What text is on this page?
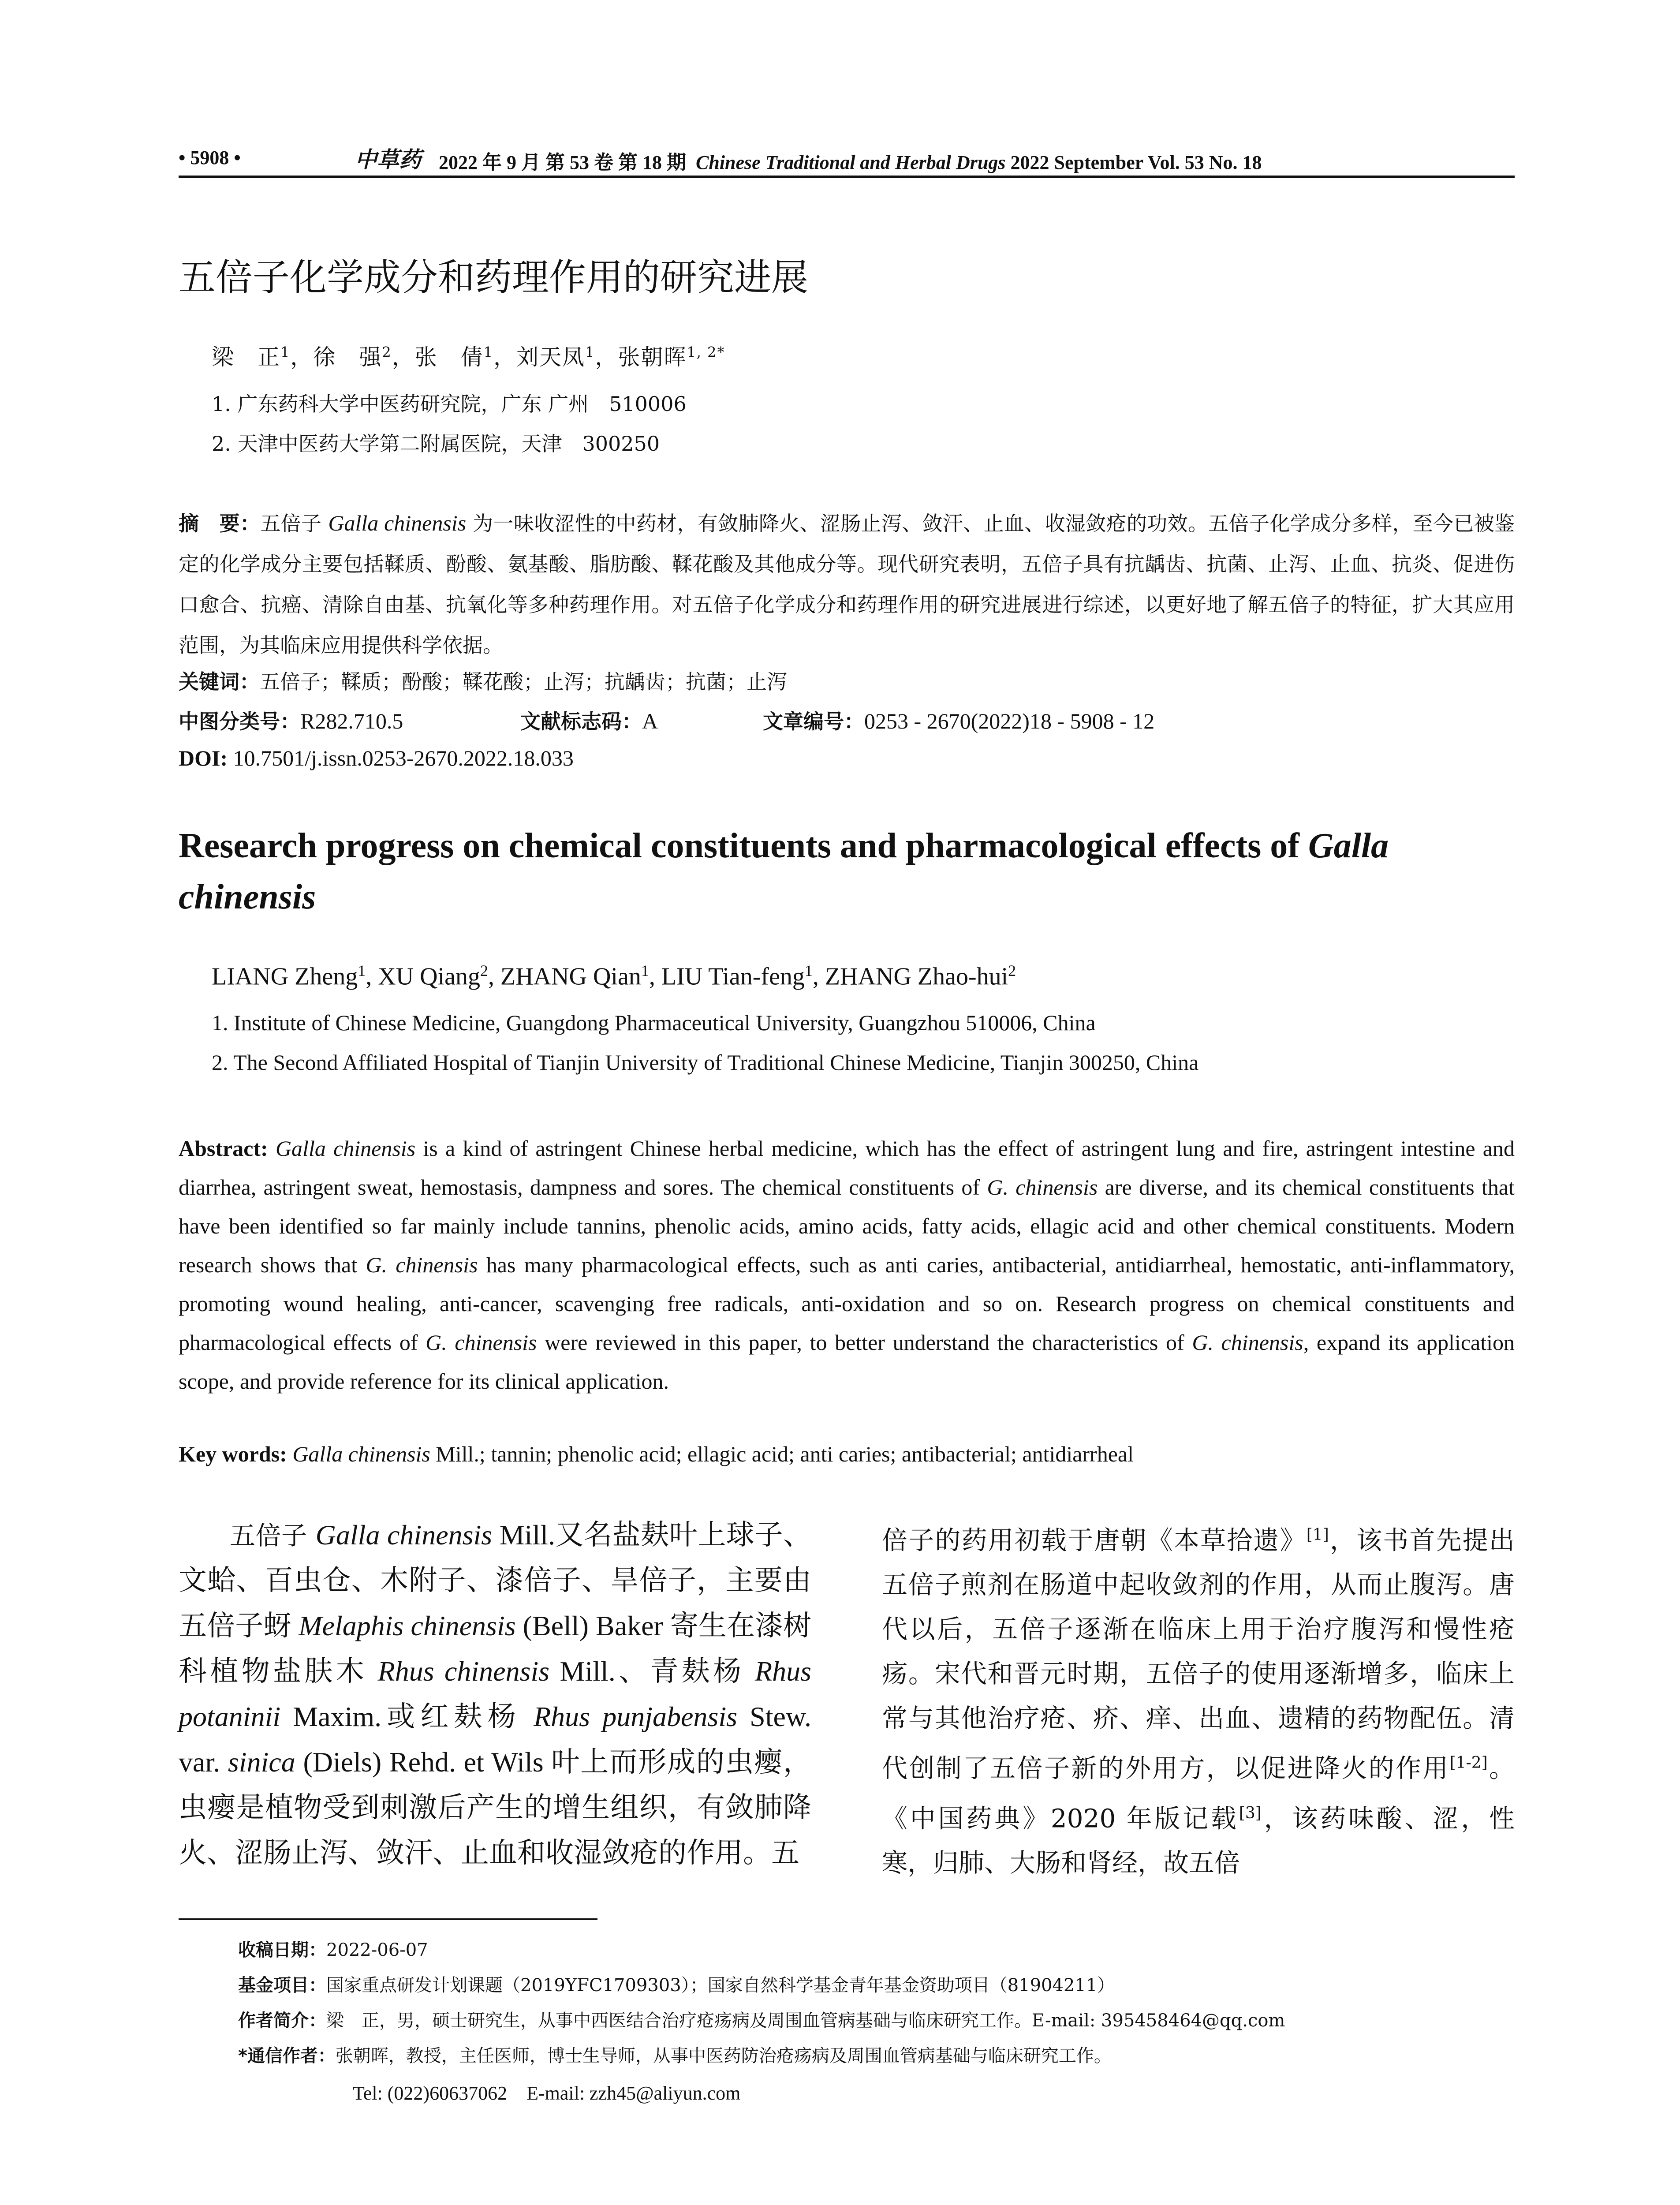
• 5908 •	中草药 2022 年 9 月 第 53 卷 第 18 期 Chinese Traditional and Herbal Drugs 2022 September Vol. 53 No. 18
五倍子化学成分和药理作用的研究进展
梁　正$^1$，徐　强$^2$，张　倩$^1$，刘天凤$^1$，张朝晖$^{1, 2*}$
1. 广东药科大学中医药研究院，广东 广州　510006
2. 天津中医药大学第二附属医院，天津　300250
摘　要：五倍子 Galla chinensis 为一味收涩性的中药材，有敛肺降火、涩肠止泻、敛汗、止血、收湿敛疮的功效。五倍子化学成分多样，至今已被鉴定的化学成分主要包括鞣质、酚酸、氨基酸、脂肪酸、鞣花酸及其他成分等。现代研究表明，五倍子具有抗龋齿、抗菌、止泻、止血、抗炎、促进伤口愈合、抗癌、清除自由基、抗氧化等多种药理作用。对五倍子化学成分和药理作用的研究进展进行综述，以更好地了解五倍子的特征，扩大其应用范围，为其临床应用提供科学依据。
关键词：五倍子；鞣质；酚酸；鞣花酸；止泻；抗龋齿；抗菌；止泻
中图分类号：R282.710.5	文献标志码：A	文章编号：0253 - 2670(2022)18 - 5908 - 12
DOI: 10.7501/j.issn.0253-2670.2022.18.033
Research progress on chemical constituents and pharmacological effects of Galla chinensis
LIANG Zheng$^1$, XU Qiang$^2$, ZHANG Qian$^1$, LIU Tian-feng$^1$, ZHANG Zhao-hui$^2$
1. Institute of Chinese Medicine, Guangdong Pharmaceutical University, Guangzhou 510006, China
2. The Second Affiliated Hospital of Tianjin University of Traditional Chinese Medicine, Tianjin 300250, China
Abstract: Galla chinensis is a kind of astringent Chinese herbal medicine, which has the effect of astringent lung and fire, astringent intestine and diarrhea, astringent sweat, hemostasis, dampness and sores. The chemical constituents of G. chinensis are diverse, and its chemical constituents that have been identified so far mainly include tannins, phenolic acids, amino acids, fatty acids, ellagic acid and other chemical constituents. Modern research shows that G. chinensis has many pharmacological effects, such as anti caries, antibacterial, antidiarrheal, hemostatic, anti-inflammatory, promoting wound healing, anti-cancer, scavenging free radicals, anti-oxidation and so on. Research progress on chemical constituents and pharmacological effects of G. chinensis were reviewed in this paper, to better understand the characteristics of G. chinensis, expand its application scope, and provide reference for its clinical application.
Key words: Galla chinensis Mill.; tannin; phenolic acid; ellagic acid; anti caries; antibacterial; antidiarrheal
五倍子 Galla chinensis Mill.又名盐麸叶上球子、文蛤、百虫仓、木附子、漆倍子、旱倍子，主要由五倍子蚜 Melaphis chinensis (Bell) Baker 寄生在漆树科植物盐肤木 Rhus chinensis Mill.、青麸杨 Rhus potaninii Maxim.或红麸杨 Rhus punjabensis Stew. var. sinica (Diels) Rehd. et Wils 叶上而形成的虫瘿，虫瘿是植物受到刺激后产生的增生组织，有敛肺降火、涩肠止泻、敛汗、止血和收湿敛疮的作用。五
倍子的药用初载于唐朝《本草拾遗》[1]，该书首先提出五倍子煎剂在肠道中起收敛剂的作用，从而止腹泻。唐代以后，五倍子逐渐在临床上用于治疗腹泻和慢性疮疡。宋代和晋元时期，五倍子的使用逐渐增多，临床上常与其他治疗疮、疥、痒、出血、遗精的药物配伍。清代创制了五倍子新的外用方，以促进降火的作用[1-2]。《中国药典》2020 年版记载[3]，该药味酸、涩，性寒，归肺、大肠和肾经，故五倍
收稿日期：2022-06-07
基金项目：国家重点研发计划课题（2019YFC1709303）；国家自然科学基金青年基金资助项目（81904211）
作者简介：梁　正，男，硕士研究生，从事中西医结合治疗疮疡病及周围血管病基础与临床研究工作。E-mail: 395458464@qq.com
*通信作者：张朝晖，教授，主任医师，博士生导师，从事中医药防治疮疡病及周围血管病基础与临床研究工作。
Tel: (022)60637062　E-mail: zzh45@aliyun.com
